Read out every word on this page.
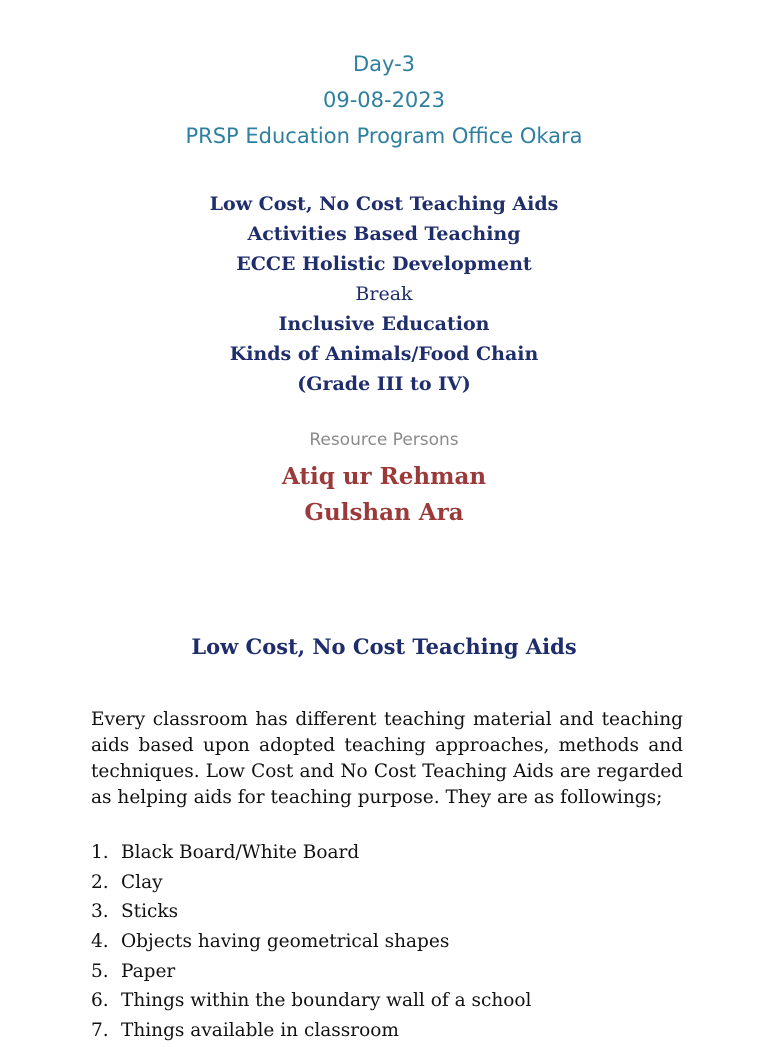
Day-3
09-08-2023
PRSP Education Program Office Okara
Low Cost, No Cost Teaching Aids
Activities Based Teaching
ECCE Holistic Development
Break
Inclusive Education
Kinds of Animals/Food Chain
(Grade III to IV)
Resource Persons
Atiq ur Rehman
Gulshan Ara
Low Cost, No Cost Teaching Aids
Every classroom has different teaching material and teaching aids based upon adopted teaching approaches, methods and techniques. Low Cost and No Cost Teaching Aids are regarded as helping aids for teaching purpose. They are as followings;
1. Black Board/White Board
2. Clay
3. Sticks
4. Objects having geometrical shapes
5. Paper
6. Things within the boundary wall of a school
7. Things available in classroom
